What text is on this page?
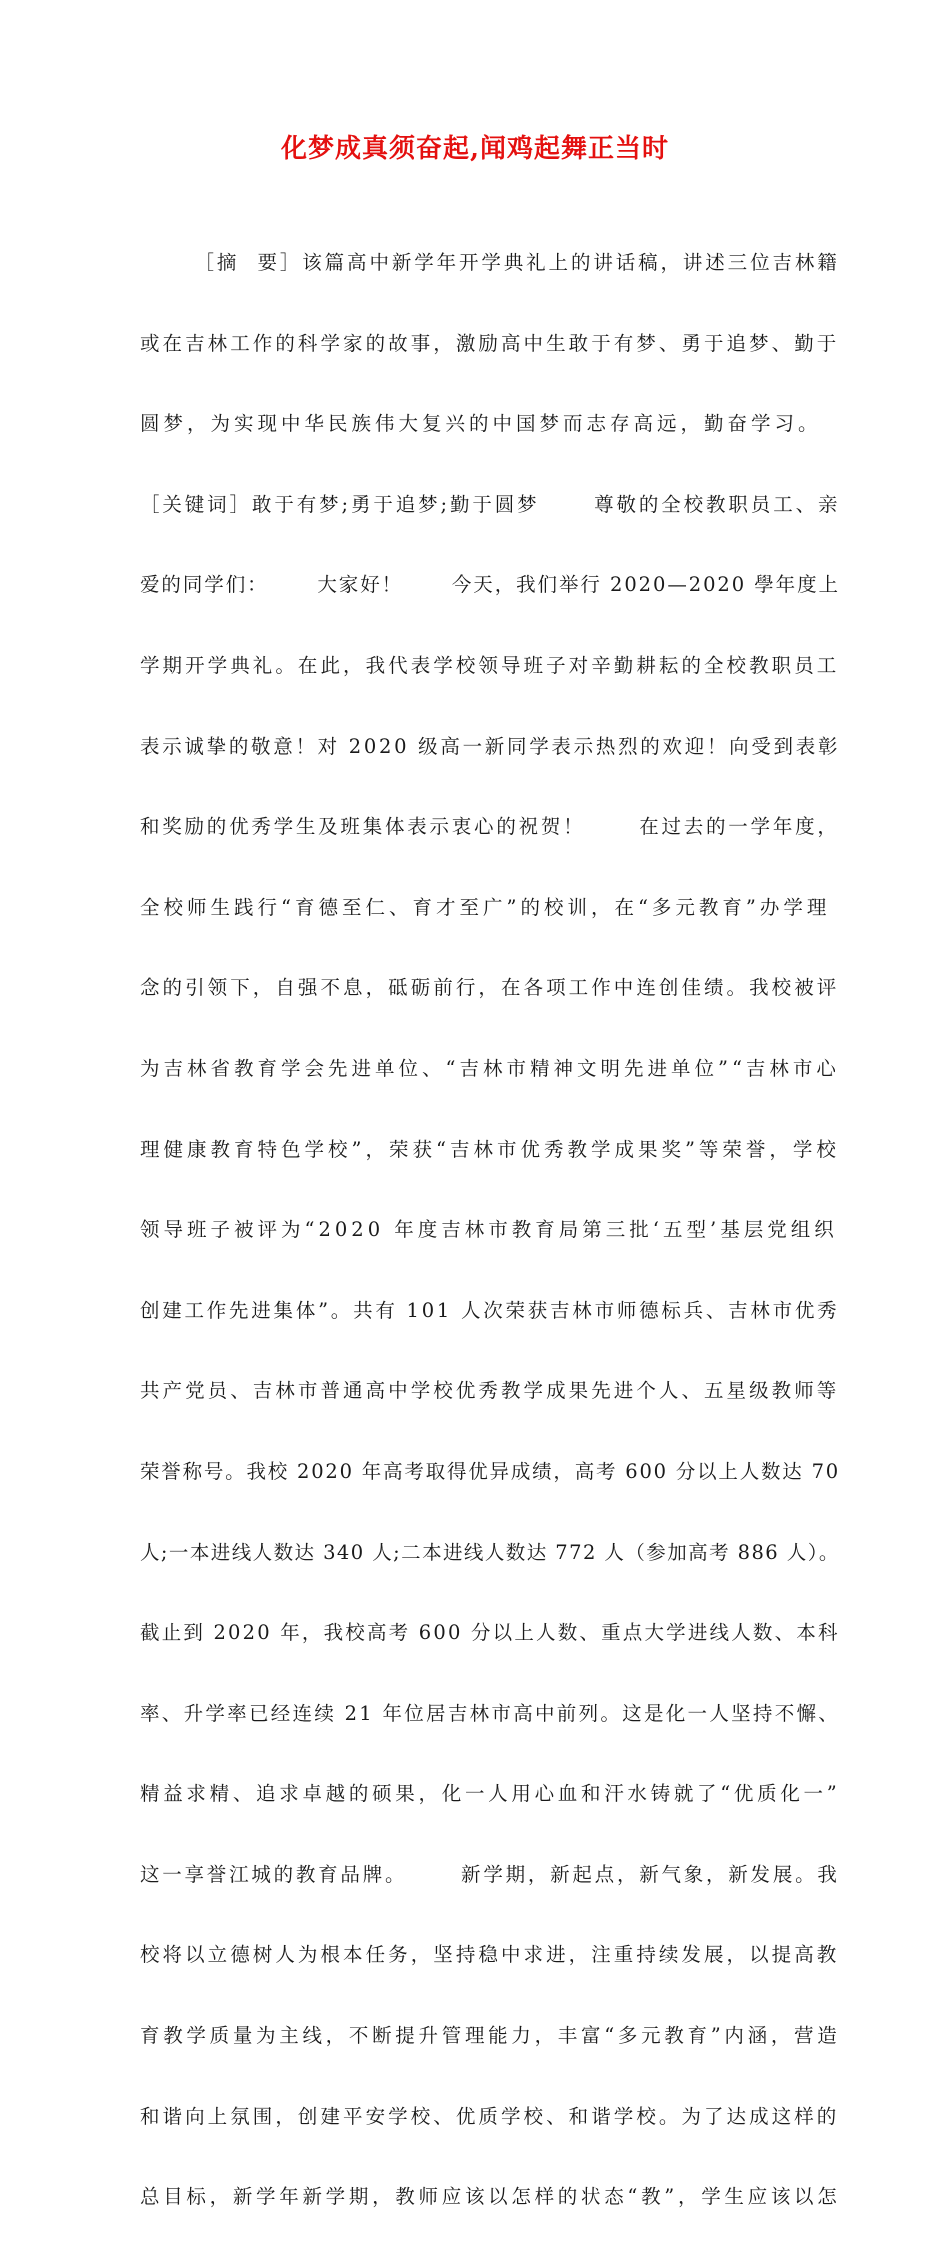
化梦成真须奋起,闻鸡起舞正当时

［摘  要］该篇高中新学年开学典礼上的讲话稿，讲述三位吉林籍

或在吉林工作的科学家的故事，激励高中生敢于有梦、勇于追梦、勤于

圆梦，为实现中华民族伟大复兴的中国梦而志存高远，勤奋学习。

［关键词］敢于有梦;勇于追梦;勤于圆梦      尊敬的全校教职员工、亲

爱的同学们：      大家好！      今天，我们举行 2020—2020 學年度上

学期开学典礼。在此，我代表学校领导班子对辛勤耕耘的全校教职员工

表示诚挚的敬意！对 2020 级高一新同学表示热烈的欢迎！向受到表彰

和奖励的优秀学生及班集体表示衷心的祝贺！      在过去的一学年度，

全校师生践行“育德至仁、育才至广”的校训，在“多元教育”办学理

念的引领下，自强不息，砥砺前行，在各项工作中连创佳绩。我校被评

为吉林省教育学会先进单位、“吉林市精神文明先进单位”“吉林市心

理健康教育特色学校”，荣获“吉林市优秀教学成果奖”等荣誉，学校

领导班子被评为“2020 年度吉林市教育局第三批‘五型’基层党组织

创建工作先进集体”。共有 101 人次荣获吉林市师德标兵、吉林市优秀

共产党员、吉林市普通高中学校优秀教学成果先进个人、五星级教师等

荣誉称号。我校 2020 年高考取得优异成绩，高考 600 分以上人数达 70

人;一本进线人数达 340 人;二本进线人数达 772 人（参加高考 886 人）。

截止到 2020 年，我校高考 600 分以上人数、重点大学进线人数、本科

率、升学率已经连续 21 年位居吉林市高中前列。这是化一人坚持不懈、

精益求精、追求卓越的硕果，化一人用心血和汗水铸就了“优质化一”

这一享誉江城的教育品牌。      新学期，新起点，新气象，新发展。我

校将以立德树人为根本任务，坚持稳中求进，注重持续发展，以提高教

育教学质量为主线，不断提升管理能力，丰富“多元教育”内涵，营造

和谐向上氛围，创建平安学校、优质学校、和谐学校。为了达成这样的

总目标，新学年新学期，教师应该以怎样的状态“教”，学生应该以怎
